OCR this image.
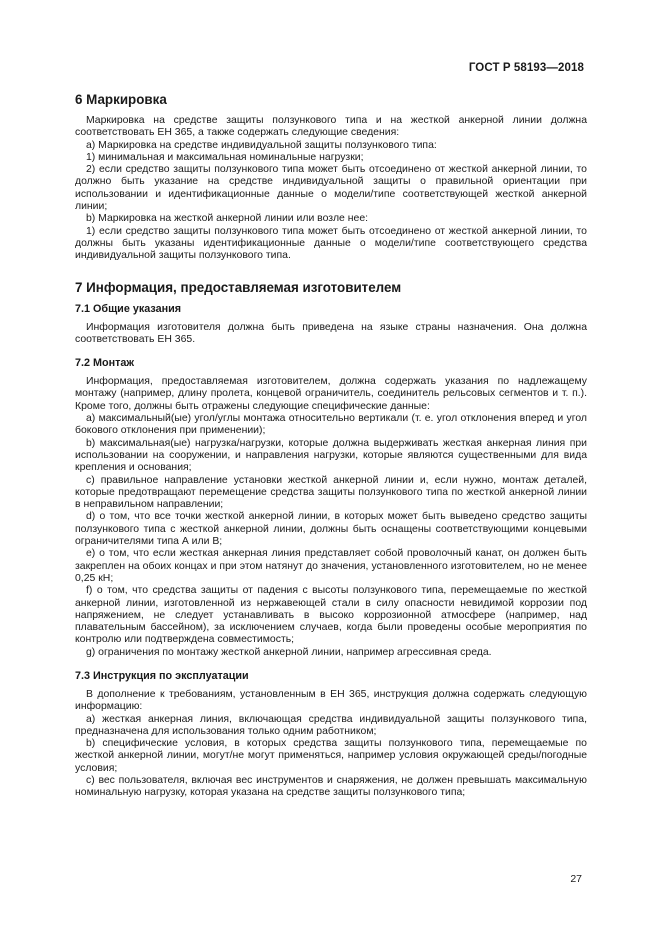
ГОСТ Р 58193—2018
6 Маркировка

Маркировка на средстве защиты ползункового типа и на жесткой анкерной линии должна соответствовать ЕН 365, а также содержать следующие сведения:

а) Маркировка на средстве индивидуальной защиты ползункового типа:

1) минимальная и максимальная номинальные нагрузки;

2) если средство защиты ползункового типа может быть отсоединено от жесткой анкерной линии, то должно быть указание на средстве индивидуальной защиты о правильной ориентации при использовании и идентификационные данные о модели/типе соответствующей жесткой анкерной линии;

b) Маркировка на жесткой анкерной линии или возле нее:

1) если средство защиты ползункового типа может быть отсоединено от жесткой анкерной линии, то должны быть указаны идентификационные данные о модели/типе соответствующего средства индивидуальной защиты ползункового типа.

7 Информация, предоставляемая изготовителем
7.1 Общие указания

Информация изготовителя должна быть приведена на языке страны назначения. Она должна соответствовать ЕН 365.

7.2 Монтаж

Информация, предоставляемая изготовителем, должна содержать указания по надлежащему монтажу (например, длину пролета, концевой ограничитель, соединитель рельсовых сегментов и т. п.). Кроме того, должны быть отражены следующие специфические данные:

а) максимальный(ые) угол/углы монтажа относительно вертикали (т. е. угол отклонения вперед и угол бокового отклонения при применении);

b) максимальная(ые) нагрузка/нагрузки, которые должна выдерживать жесткая анкерная линия при использовании на сооружении, и направления нагрузки, которые являются существенными для вида крепления и основания;

c) правильное направление установки жесткой анкерной линии и, если нужно, монтаж деталей, которые предотвращают перемещение средства защиты ползункового типа по жесткой анкерной линии в неправильном направлении;

d) о том, что все точки жесткой анкерной линии, в которых может быть выведено средство защиты ползункового типа с жесткой анкерной линии, должны быть оснащены соответствующими концевыми ограничителями типа А или В;

e) о том, что если жесткая анкерная линия представляет собой проволочный канат, он должен быть закреплен на обоих концах и при этом натянут до значения, установленного изготовителем, но не менее 0,25 кН;

f) о том, что средства защиты от падения с высоты ползункового типа, перемещаемые по жесткой анкерной линии, изготовленной из нержавеющей стали в силу опасности невидимой коррозии под напряжением, не следует устанавливать в высоко коррозионной атмосфере (например, над плавательным бассейном), за исключением случаев, когда были проведены особые мероприятия по контролю или подтверждена совместимость;

g) ограничения по монтажу жесткой анкерной линии, например агрессивная среда.

7.3 Инструкция по эксплуатации

В дополнение к требованиям, установленным в ЕН 365, инструкция должна содержать следующую информацию:

а) жесткая анкерная линия, включающая средства индивидуальной защиты ползункового типа, предназначена для использования только одним работником;

b) специфические условия, в которых средства защиты ползункового типа, перемещаемые по жесткой анкерной линии, могут/не могут применяться, например условия окружающей среды/погодные условия;

c) вес пользователя, включая вес инструментов и снаряжения, не должен превышать максимальную номинальную нагрузку, которая указана на средстве защиты ползункового типа;

27
